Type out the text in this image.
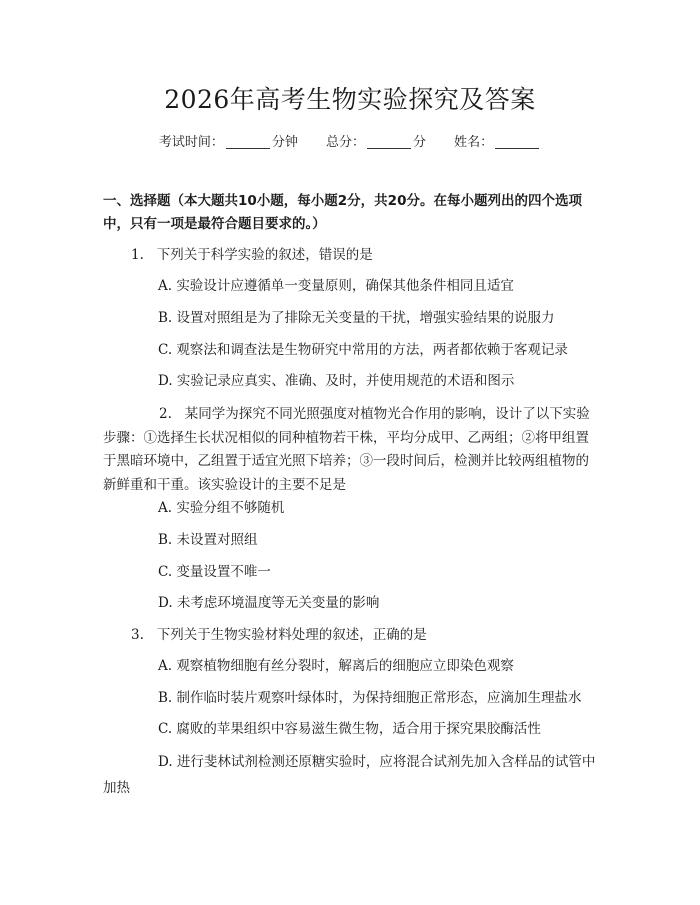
2026年高考生物实验探究及答案
考试时间：	分钟 总分：	分 姓名：
一、选择题（本大题共10小题，每小题2分，共20分。在每小题列出的四个选项中，只有一项是最符合题目要求的。）
1. 下列关于科学实验的叙述，错误的是
A. 实验设计应遵循单一变量原则，确保其他条件相同且适宜
B. 设置对照组是为了排除无关变量的干扰，增强实验结果的说服力
C. 观察法和调查法是生物研究中常用的方法，两者都依赖于客观记录
D. 实验记录应真实、准确、及时，并使用规范的术语和图示
2. 某同学为探究不同光照强度对植物光合作用的影响，设计了以下实验步骤：①选择生长状况相似的同种植物若干株，平均分成甲、乙两组；②将甲组置于黑暗环境中，乙组置于适宜光照下培养；③一段时间后，检测并比较两组植物的新鲜重和干重。该实验设计的主要不足是
A. 实验分组不够随机
B. 未设置对照组
C. 变量设置不唯一
D. 未考虑环境温度等无关变量的影响
3. 下列关于生物实验材料处理的叙述，正确的是
A. 观察植物细胞有丝分裂时，解离后的细胞应立即染色观察
B. 制作临时装片观察叶绿体时，为保持细胞正常形态，应滴加生理盐水
C. 腐败的苹果组织中容易滋生微生物，适合用于探究果胶酶活性
D. 进行斐林试剂检测还原糖实验时，应将混合试剂先加入含样品的试管中加热
